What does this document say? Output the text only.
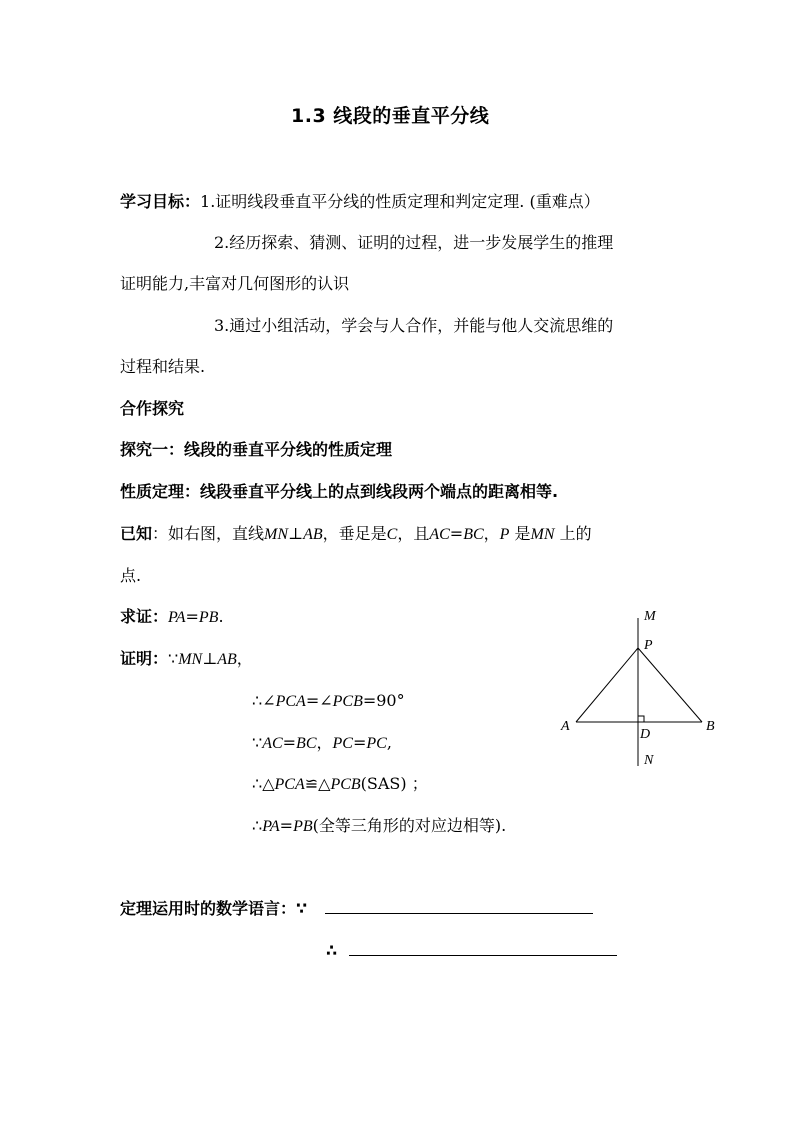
1.3 线段的垂直平分线
学习目标：1.证明线段垂直平分线的性质定理和判定定理. (重难点）
2.经历探索、猜测、证明的过程，进一步发展学生的推理
证明能力,丰富对几何图形的认识
3.通过小组活动，学会与人合作，并能与他人交流思维的
过程和结果.
合作探究
探究一：线段的垂直平分线的性质定理
性质定理：线段垂直平分线上的点到线段两个端点的距离相等.
已知：如右图，直线MN⊥AB，垂足是C，且AC=BC，P 是MN 上的
点.
求证：PA=PB.
证明：∵MN⊥AB，
∴∠PCA=∠PCB=90°
∵AC=BC，PC=PC,
∴△PCA≌△PCB(SAS) ；
∴PA=PB(全等三角形的对应边相等).
定理运用时的数学语言：∵
∴
M
P
A
D
B
N
